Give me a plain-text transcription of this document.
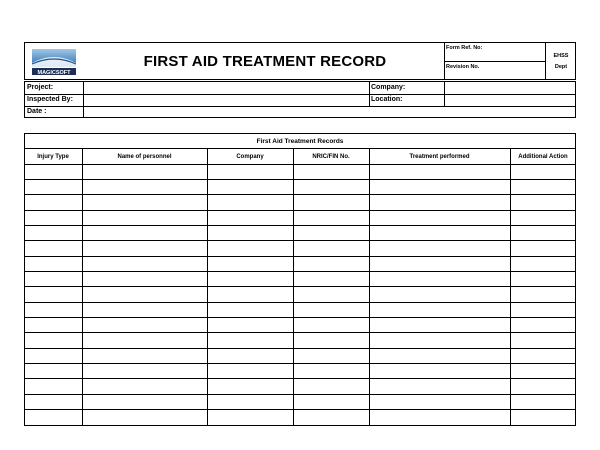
MAGICSOFT
FIRST AID TREATMENT RECORD
Form Ref. No:
Revision No.
EHSS
Dept
Project:	Company:
Inspected By:	Location:
Date :
First Aid Treatment Records
Injury Type	Name of personnel	Company	NRIC/FIN No.	Treatment performed	Additional Action
